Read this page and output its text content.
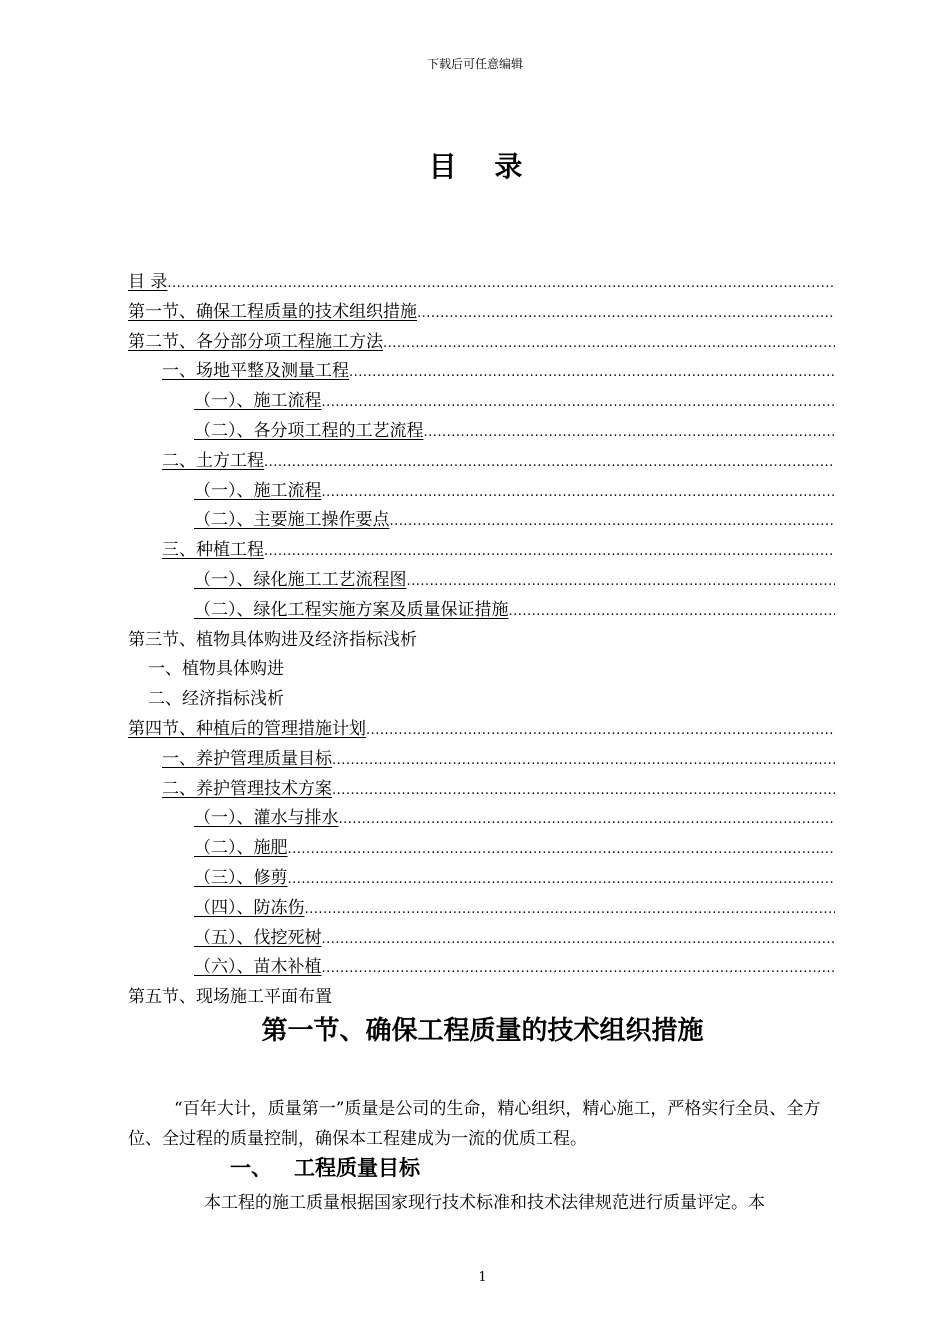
下载后可任意编辑
目 录
目 录
.....
第一节、确保工程质量的技术组织措施
.....
第二节、各分部分项工程施工方法
.....
一、场地平整及测量工程
.....
（一）、施工流程
.....
（二）、各分项工程的工艺流程
.....
二、土方工程
.....
（一）、施工流程
.....
（二）、主要施工操作要点
.....
三、种植工程
.....
（一）、绿化施工工艺流程图
.....
（二）、绿化工程实施方案及质量保证措施
.....
第三节、植物具体购进及经济指标浅析
一、植物具体购进
二、经济指标浅析
第四节、种植后的管理措施计划
.....
一、养护管理质量目标
.....
二、养护管理技术方案
.....
（一）、灌水与排水
.....
（二）、施肥
.....
（三）、修剪
.....
（四）、防冻伤
.....
（五）、伐挖死树
.....
（六）、苗木补植
.....
第五节、现场施工平面布置
第一节、确保工程质量的技术组织措施
“百年大计，质量第一”质量是公司的生命，精心组织，精心施工，严格实行全员、全方位、全过程的质量控制，确保本工程建成为一流的优质工程。
一、 工程质量目标
本工程的施工质量根据国家现行技术标准和技术法律规范进行质量评定。本
1
